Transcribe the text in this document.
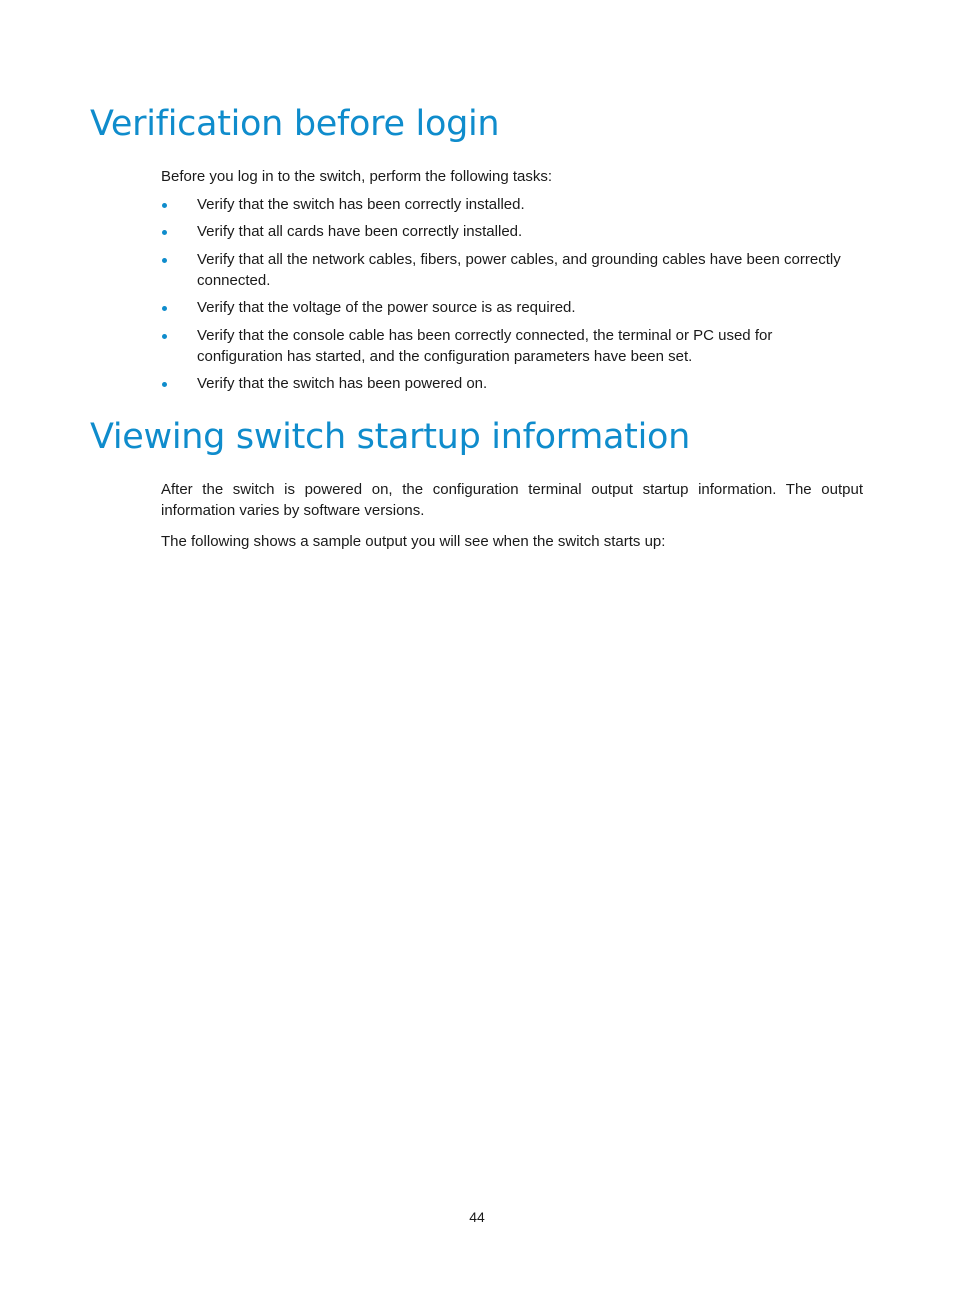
Verification before login

Before you log in to the switch, perform the following tasks:

Verify that the switch has been correctly installed.
Verify that all cards have been correctly installed.
Verify that all the network cables, fibers, power cables, and grounding cables have been correctly connected.
Verify that the voltage of the power source is as required.
Verify that the console cable has been correctly connected, the terminal or PC used for configuration has started, and the configuration parameters have been set.
Verify that the switch has been powered on.
Viewing switch startup information

After the switch is powered on, the configuration terminal output startup information. The output information varies by software versions.

The following shows a sample output you will see when the switch starts up:

44
